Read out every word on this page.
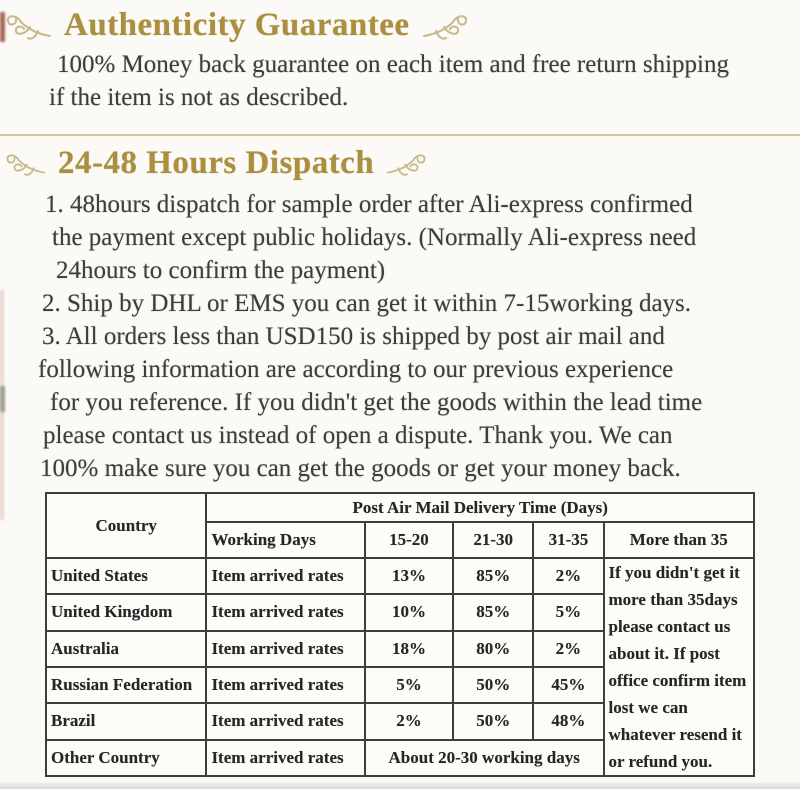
Authenticity Guarantee
100% Money back guarantee on each item and free return shipping
if the item is not as described.
24-48 Hours Dispatch
1. 48hours dispatch for sample order after Ali-express confirmed
the payment except public holidays. (Normally Ali-express need
24hours to confirm the payment)
2. Ship by DHL or EMS you can get it within 7-15working days.
3. All orders less than USD150 is shipped by post air mail and
following information are according to our previous experience
for you reference. If you didn't get the goods within the lead time
please contact us instead of open a dispute. Thank you. We can
100% make sure you can get the goods or get your money back.
Country	Post Air Mail Delivery Time (Days)				
	Working Days	15-20	21-30	31-35	More than 35
United States	Item arrived rates	13%	85%	2%	If you didn't get it
more than 35days
please contact us
about it. If post
office confirm item
lost we can
whatever resend it
or refund you.

United Kingdom	Item arrived rates	10%	85%	5%	
Australia	Item arrived rates	18%	80%	2%	
Russian Federation	Item arrived rates	5%	50%	45%	
Brazil	Item arrived rates	2%	50%	48%	
Other Country	Item arrived rates	About 20-30 working days			
